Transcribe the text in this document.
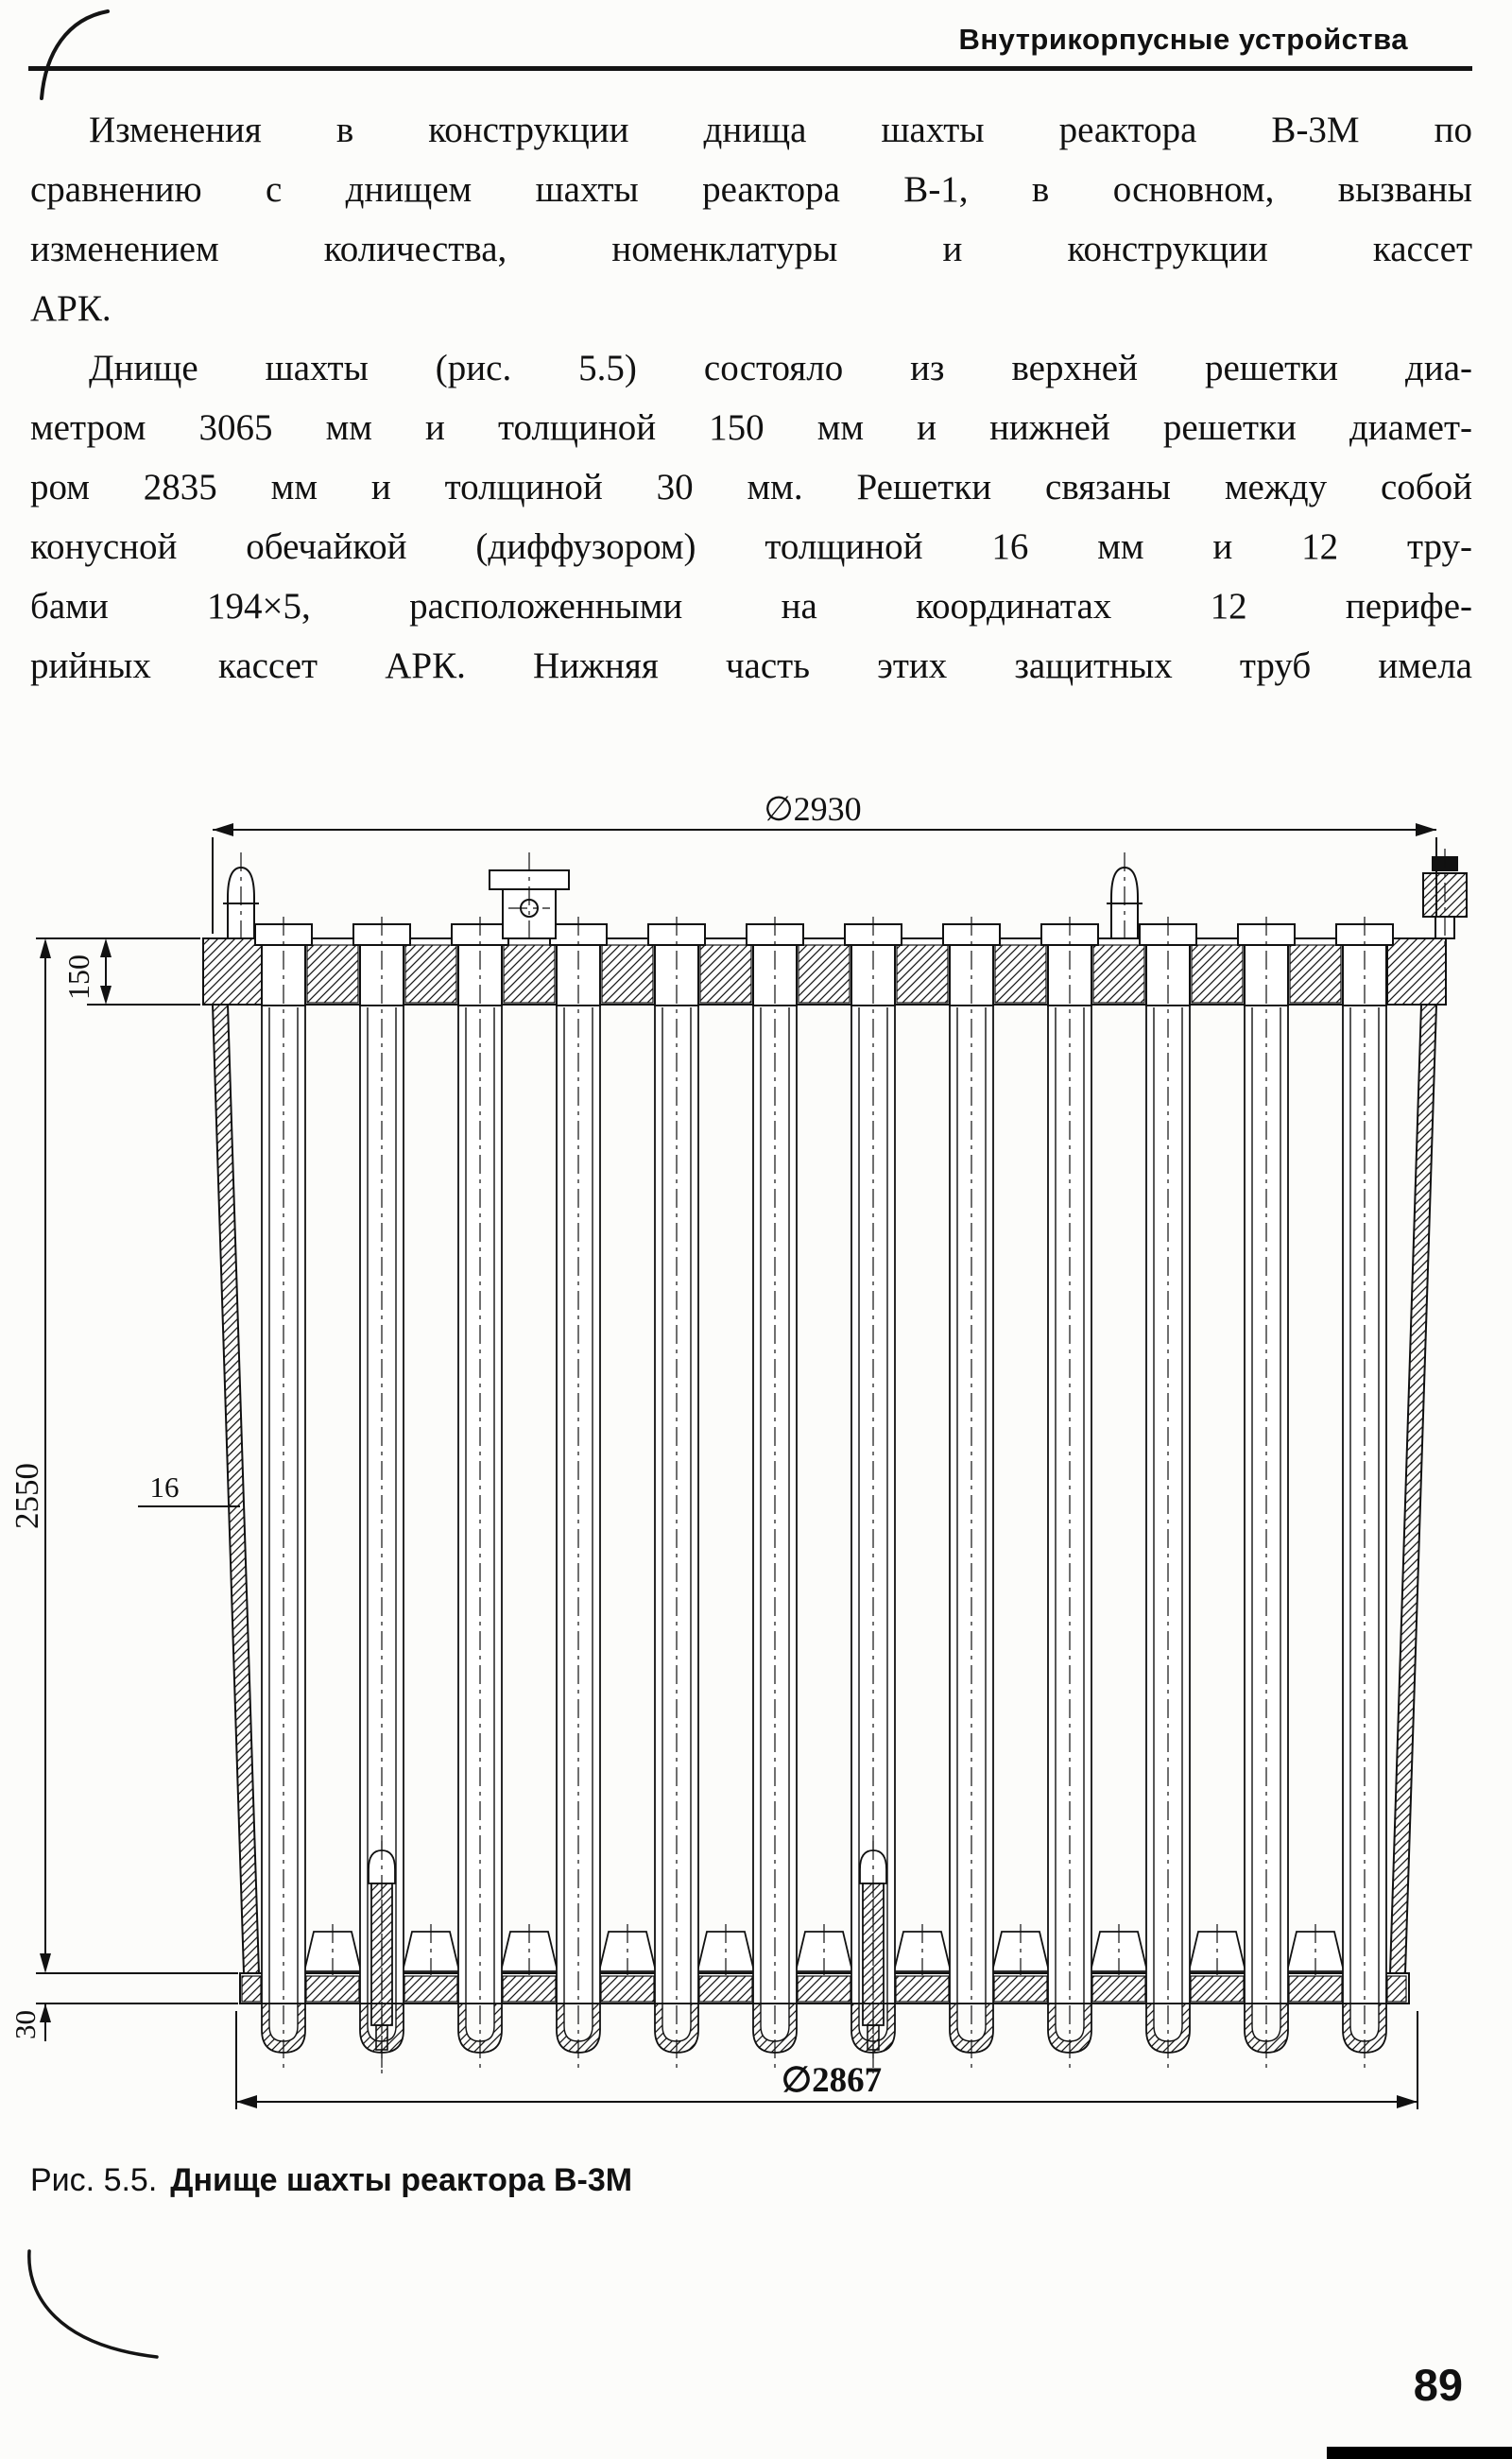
Внутрикорпусные устройства
Изменения в конструкции днища шахты реактора В-3М по
сравнению с днищем шахты реактора В-1, в основном, вызваны
изменением количества, номенклатуры и конструкции кассет
АРК.
Днище шахты (рис. 5.5) состояло из верхней решетки диа-
метром 3065 мм и толщиной 150 мм и нижней решетки диамет-
ром 2835 мм и толщиной 30 мм. Решетки связаны между собой
конусной обечайкой (диффузором) толщиной 16 мм и 12 тру-
бами 194×5, расположенными на координатах 12 перифе-
рийных кассет АРК. Нижняя часть этих защитных труб имела
∅2930
150
2550
30
16
∅2867
Рис. 5.5. Днище шахты реактора В-3М
89
